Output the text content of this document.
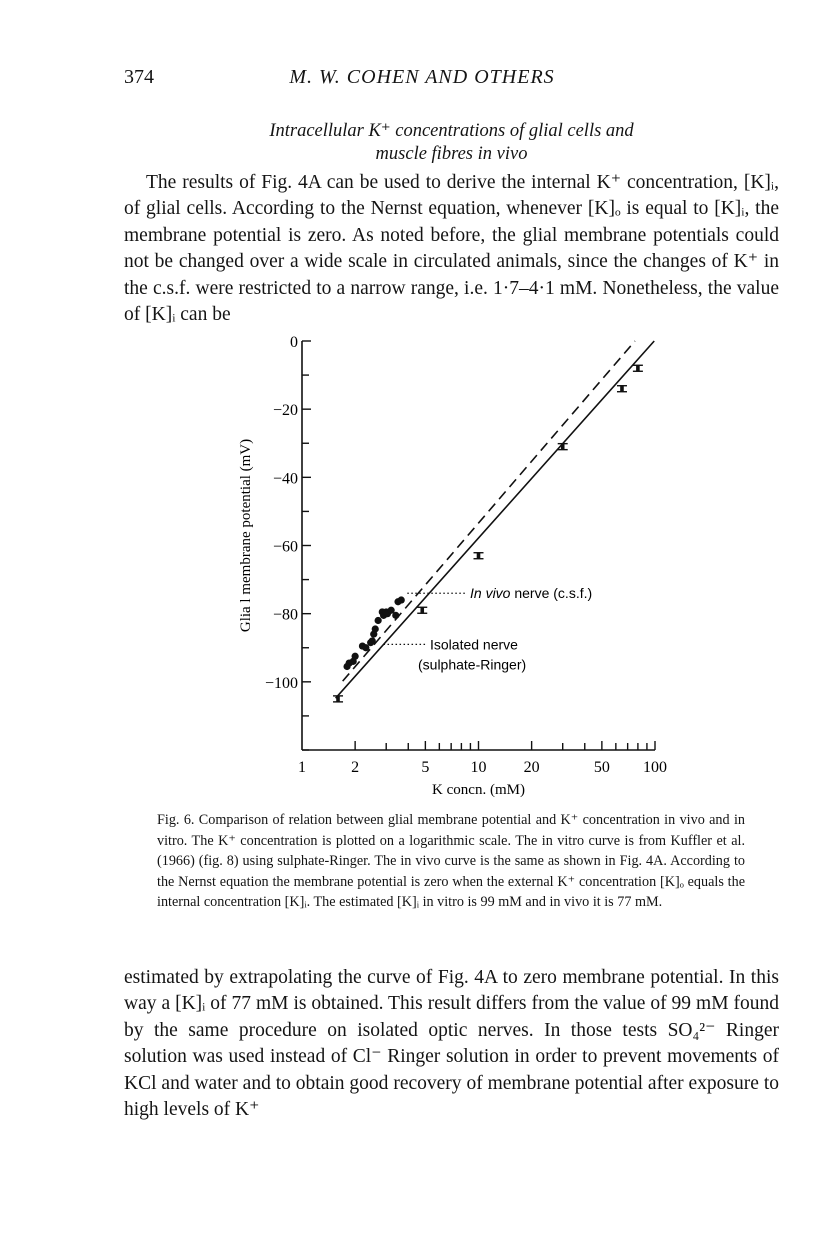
374	M. W. COHEN AND OTHERS
Intracellular K⁺ concentrations of glial cells and
muscle fibres in vivo

The results of Fig. 4A can be used to derive the internal K⁺ concentration, [K]ᵢ, of glial cells. According to the Nernst equation, whenever [K]ₒ is equal to [K]ᵢ, the membrane potential is zero. As noted before, the glial membrane potentials could not be changed over a wide scale in circulated animals, since the changes of K⁺ in the c.s.f. were restricted to a narrow range, i.e. 1·7–4·1 mM. Nonetheless, the value of [K]ᵢ can be

0
−20
−40
−60
−80
−100
1	2	5	10 20	50 100
K concn. (mM)
Glia l membrane potential (mV)	In vivo nerve (c.s.f.)
Isolated nerve
(sulphate-Ringer)

Fig. 6. Comparison of relation between glial membrane potential and K⁺ concentration in vivo and in vitro. The K⁺ concentration is plotted on a logarithmic scale. The in vitro curve is from Kuffler et al. (1966) (fig. 8) using sulphate-Ringer. The in vivo curve is the same as shown in Fig. 4A. According to the Nernst equation the membrane potential is zero when the external K⁺ concentration [K]ₒ equals the internal concentration [K]ᵢ. The estimated [K]ᵢ in vitro is 99 mM and in vivo it is 77 mM.

estimated by extrapolating the curve of Fig. 4A to zero membrane potential. In this way a [K]ᵢ of 77 mM is obtained. This result differs from the value of 99 mM found by the same procedure on isolated optic nerves. In those tests SO₄²⁻ Ringer solution was used instead of Cl⁻ Ringer solution in order to prevent movements of KCl and water and to obtain good recovery of membrane potential after exposure to high levels of K⁺
